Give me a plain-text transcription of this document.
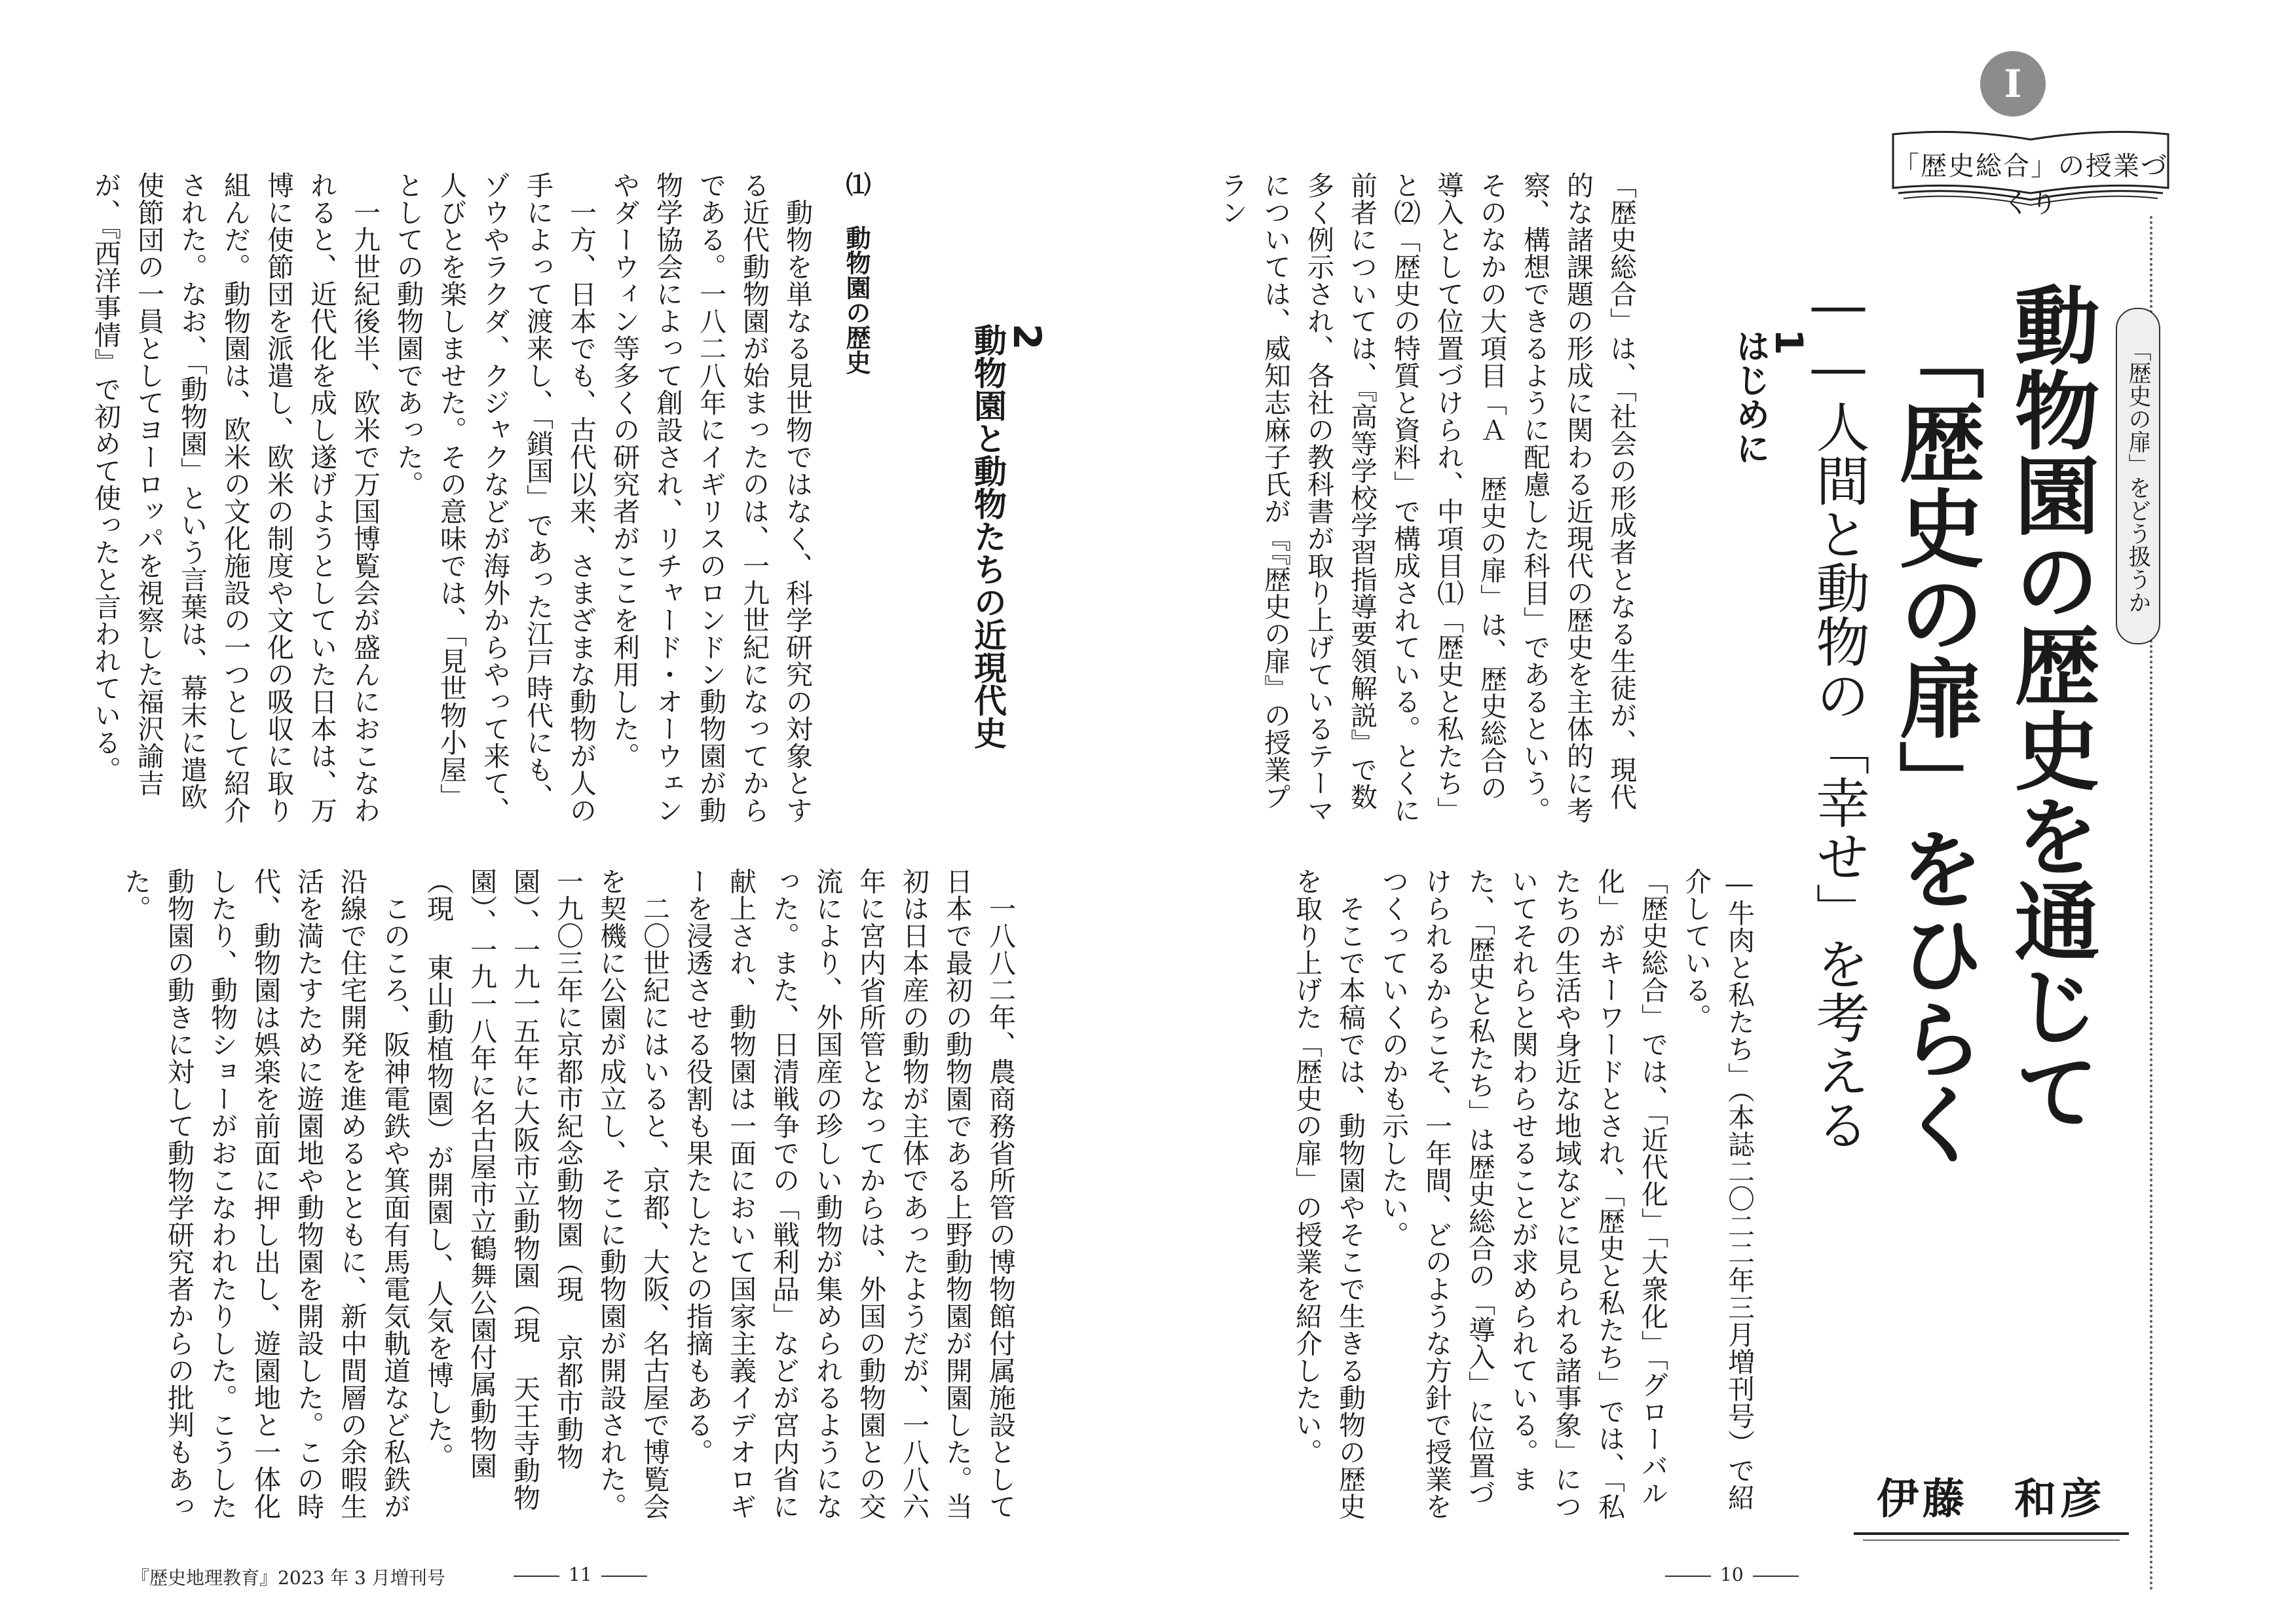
2
動物園と動物たちの近現代史

⑴ 動物園の歴史
　動物を単なる見世物ではなく、科学研究の対象とする近代動物園が始まったのは、一九世紀になってからである。一八二八年にイギリスのロンドン動物園が動物学協会によって創設され、リチャード・オーウェンやダーウィン等多くの研究者がここを利用した。
　一方、日本でも、古代以来、さまざまな動物が人の手によって渡来し、「鎖国」であった江戸時代にも、ゾウやラクダ、クジャクなどが海外からやって来て、人びとを楽しませた。その意味では、「見世物小屋」としての動物園であった。
　一九世紀後半、欧米で万国博覧会が盛んにおこなわれると、近代化を成し遂げようとしていた日本は、万博に使節団を派遣し、欧米の制度や文化の吸収に取り組んだ。動物園は、欧米の文化施設の一つとして紹介された。なお、「動物園」という言葉は、幕末に遣欧使節団の一員としてヨーロッパを視察した福沢諭吉が、『西洋事情』で初めて使ったと言われている。
　一八八二年、農商務省所管の博物館付属施設として日本で最初の動物園である上野動物園が開園した。当初は日本産の動物が主体であったようだが、一八八六年に宮内省所管となってからは、外国の動物園との交流により、外国産の珍しい動物が集められるようになった。また、日清戦争での「戦利品」などが宮内省に献上され、動物園は一面において国家主義イデオロギーを浸透させる役割も果たしたとの指摘もある。
　二〇世紀にはいると、京都、大阪、名古屋で博覧会を契機に公園が成立し、そこに動物園が開設された。一九〇三年に京都市紀念動物園（現 京都市動物園）、一九一五年に大阪市立動物園（現 天王寺動物園）、一九一八年に名古屋市立鶴舞公園付属動物園（現 東山動植物園）が開園し、人気を博した。
　このころ、阪神電鉄や箕面有馬電気軌道など私鉄が沿線で住宅開発を進めるとともに、新中間層の余暇生活を満たすために遊園地や動物園を開設した。この時代、動物園は娯楽を前面に押し出し、遊園地と一体化したり、動物ショーがおこなわれたりした。こうした動物園の動きに対して動物学研究者からの批判もあった。
『歴史地理教育』2023 年 3 月増刊号	11

1
はじめに

「歴史総合」は、「社会の形成者となる生徒が、現代的な諸課題の形成に関わる近現代の歴史を主体的に考察、構想できるように配慮した科目」であるという。そのなかの大項目「Ａ 歴史の扉」は、歴史総合の導入として位置づけられ、中項目⑴「歴史と私たち」と⑵「歴史の特質と資料」で構成されている。とくに前者については、『高等学校学習指導要領解説』で数多く例示され、各社の教科書が取り上げているテーマについては、威知志麻子氏が『『歴史の扉』の授業プラン
―牛肉と私たち」（本誌二〇二二年三月増刊号）で紹介している。
「歴史総合」では、「近代化」「大衆化」「グローバル化」がキーワードとされ、「歴史と私たち」では、「私たちの生活や身近な地域などに見られる諸事象」についてそれらと関わらせることが求められている。また、「歴史と私たち」は歴史総合の「導入」に位置づけられるからこそ、一年間、どのような方針で授業をつくっていくのかも示したい。
　そこで本稿では、動物園やそこで生きる動物の歴史を取り上げた「歴史の扉」の授業を紹介したい。
10
I
「歴史総合」の授業づくり
「歴史の扉」をどう扱うか
動物園の歴史を通じて
「歴史の扉」をひらく
――人間と動物の「幸せ」を考える
伊藤　和彦
